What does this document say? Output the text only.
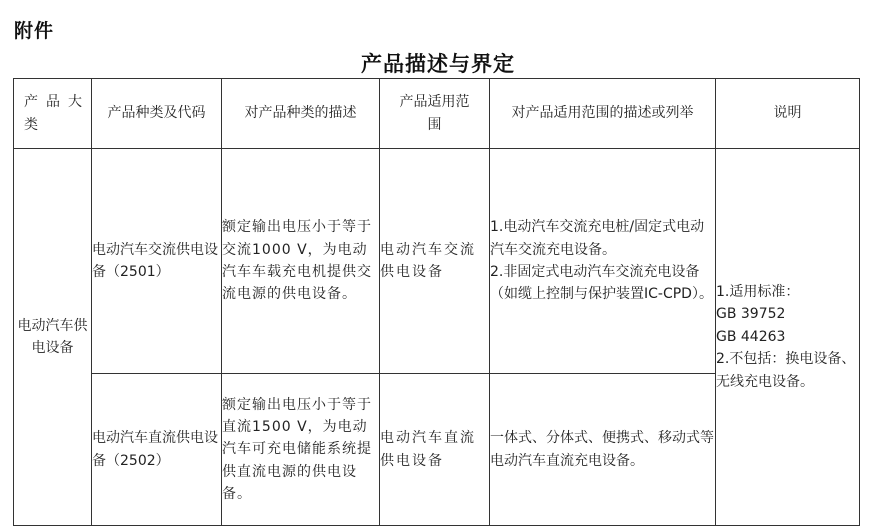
附件
产品描述与界定
产品大类	产品种类及代码	对产品种类的描述	产品适用范围	对产品适用范围的描述或列举	说明
电动汽车供电设备	电动汽车交流供电设备（2501）	额定输出电压小于等于交流1000 V，为电动汽车车载充电机提供交流电源的供电设备。	电动汽车交流供电设备	1.电动汽车交流充电桩/固定式电动汽车交流充电设备。
2.非固定式电动汽车交流充电设备（如缆上控制与保护装置IC-CPD）。	1.适用标准：
GB 39752
GB 44263
2.不包括：换电设备、无线充电设备。

	电动汽车直流供电设备（2502）	额定输出电压小于等于直流1500 V，为电动汽车可充电储能系统提供直流电源的供电设备。	电动汽车直流供电设备	一体式、分体式、便携式、移动式等电动汽车直流充电设备。	
